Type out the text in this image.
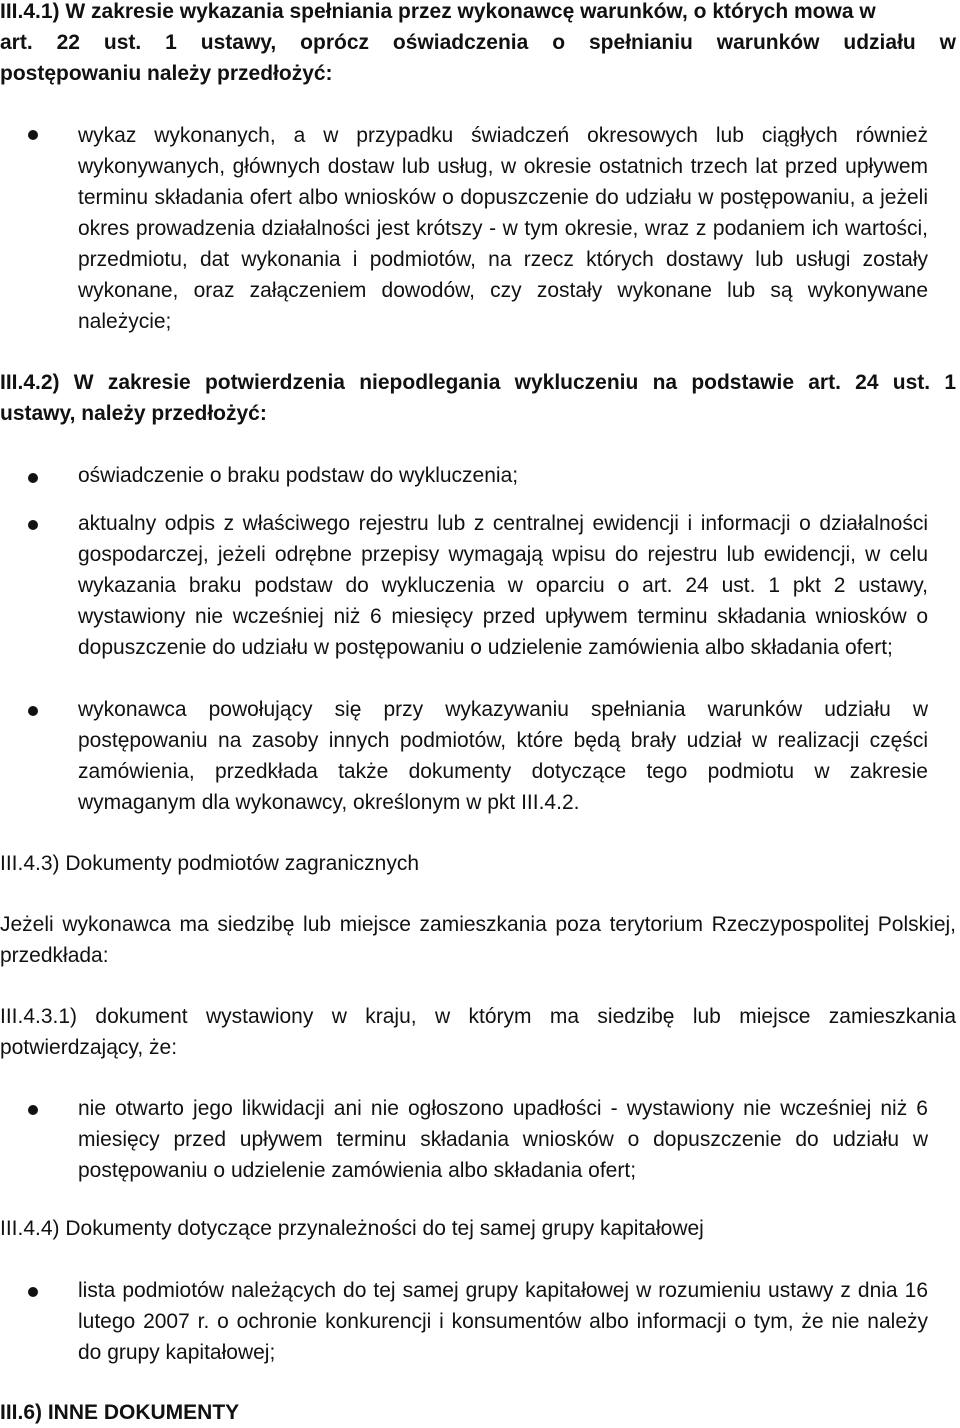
III.4.1) W zakresie wykazania spełniania przez wykonawcę warunków, o których mowa w
art. 22 ust. 1 ustawy, oprócz oświadczenia o spełnianiu warunków udziału w
postępowaniu należy przedłożyć:
wykaz wykonanych, a w przypadku świadczeń okresowych lub ciągłych również wykonywanych, głównych dostaw lub usług, w okresie ostatnich trzech lat przed upływem terminu składania ofert albo wniosków o dopuszczenie do udziału w postępowaniu, a jeżeli okres prowadzenia działalności jest krótszy - w tym okresie, wraz z podaniem ich wartości, przedmiotu, dat wykonania i podmiotów, na rzecz których dostawy lub usługi zostały wykonane, oraz załączeniem dowodów, czy zostały wykonane lub są wykonywane należycie;
III.4.2) W zakresie potwierdzenia niepodlegania wykluczeniu na podstawie art. 24 ust. 1
ustawy, należy przedłożyć:
oświadczenie o braku podstaw do wykluczenia;
aktualny odpis z właściwego rejestru lub z centralnej ewidencji i informacji o działalności gospodarczej, jeżeli odrębne przepisy wymagają wpisu do rejestru lub ewidencji, w celu wykazania braku podstaw do wykluczenia w oparciu o art. 24 ust. 1 pkt 2 ustawy, wystawiony nie wcześniej niż 6 miesięcy przed upływem terminu składania wniosków o dopuszczenie do udziału w postępowaniu o udzielenie zamówienia albo składania ofert;
wykonawca powołujący się przy wykazywaniu spełniania warunków udziału w postępowaniu na zasoby innych podmiotów, które będą brały udział w realizacji części zamówienia, przedkłada także dokumenty dotyczące tego podmiotu w zakresie wymaganym dla wykonawcy, określonym w pkt III.4.2.
III.4.3) Dokumenty podmiotów zagranicznych
Jeżeli wykonawca ma siedzibę lub miejsce zamieszkania poza terytorium Rzeczypospolitej Polskiej, przedkłada:
III.4.3.1) dokument wystawiony w kraju, w którym ma siedzibę lub miejsce zamieszkania potwierdzający, że:
nie otwarto jego likwidacji ani nie ogłoszono upadłości - wystawiony nie wcześniej niż 6 miesięcy przed upływem terminu składania wniosków o dopuszczenie do udziału w postępowaniu o udzielenie zamówienia albo składania ofert;
III.4.4) Dokumenty dotyczące przynależności do tej samej grupy kapitałowej
lista podmiotów należących do tej samej grupy kapitałowej w rozumieniu ustawy z dnia 16 lutego 2007 r. o ochronie konkurencji i konsumentów albo informacji o tym, że nie należy do grupy kapitałowej;
III.6) INNE DOKUMENTY
